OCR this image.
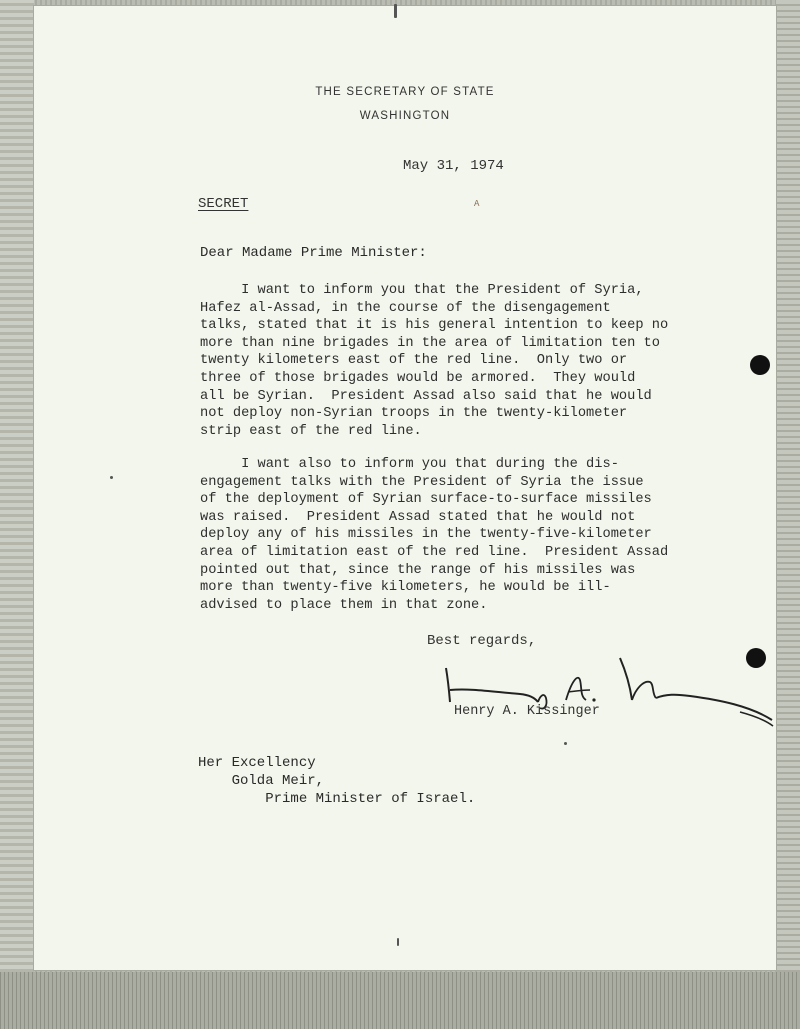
THE SECRETARY OF STATE
WASHINGTON
May 31, 1974
SECRET	A
Dear Madame Prime Minister:
I want to inform you that the President of Syria,
Hafez al-Assad, in the course of the disengagement
talks, stated that it is his general intention to keep no
more than nine brigades in the area of limitation ten to
twenty kilometers east of the red line.  Only two or
three of those brigades would be armored.  They would
all be Syrian.  President Assad also said that he would
not deploy non-Syrian troops in the twenty-kilometer
strip east of the red line.
I want also to inform you that during the dis-
engagement talks with the President of Syria the issue
of the deployment of Syrian surface-to-surface missiles
was raised.  President Assad stated that he would not
deploy any of his missiles in the twenty-five-kilometer
area of limitation east of the red line.  President Assad
pointed out that, since the range of his missiles was
more than twenty-five kilometers, he would be ill-
advised to place them in that zone.
Best regards,
Henry A. Kissinger
Her Excellency
Golda Meir,
Prime Minister of Israel.
